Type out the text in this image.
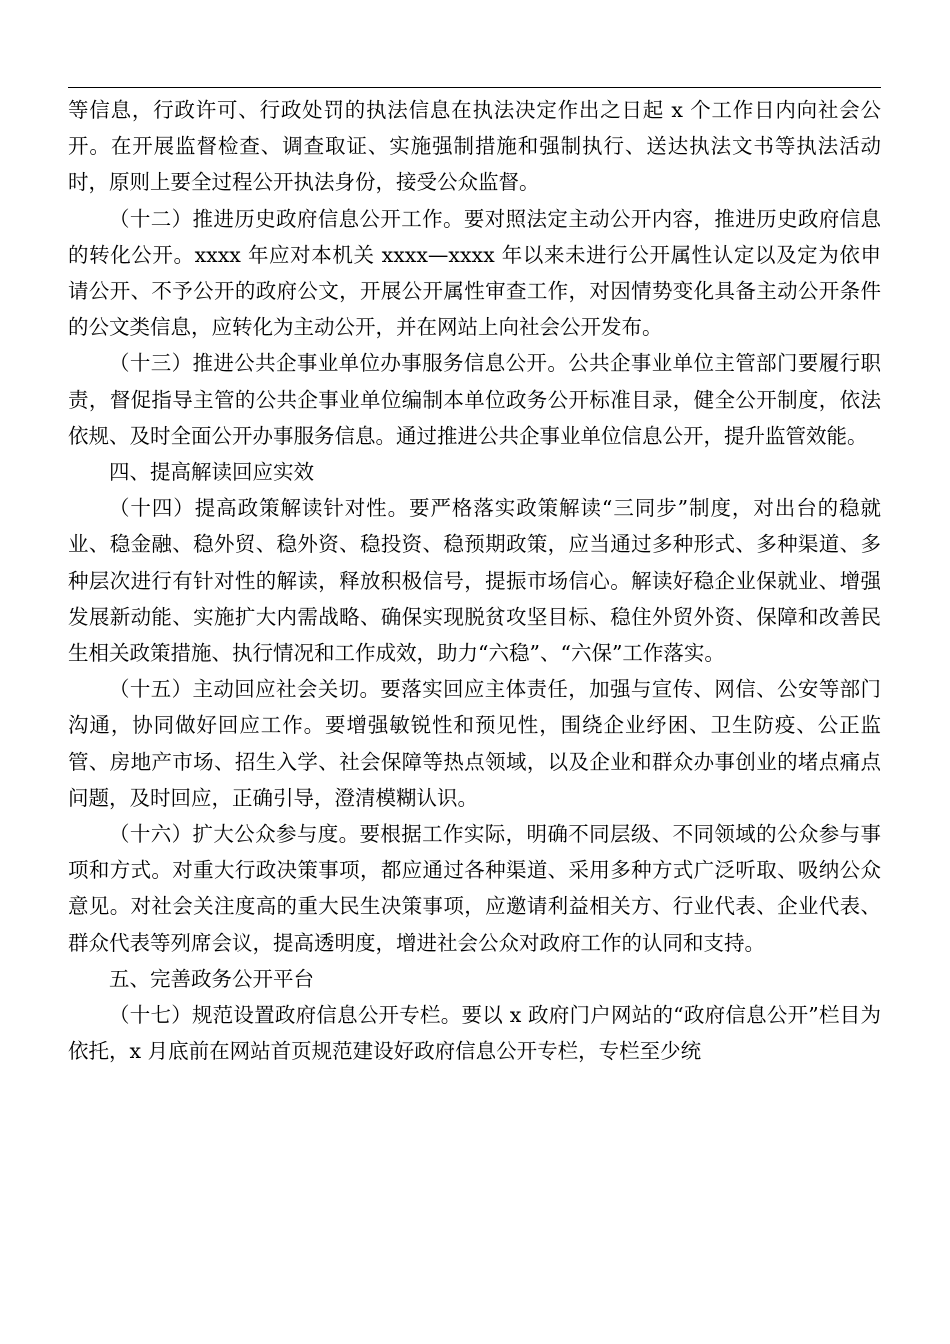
等信息，行政许可、行政处罚的执法信息在执法决定作出之日起 x 个工作日内向社会公开。在开展监督检查、调查取证、实施强制措施和强制执行、送达执法文书等执法活动时，原则上要全过程公开执法身份，接受公众监督。

（十二）推进历史政府信息公开工作。要对照法定主动公开内容，推进历史政府信息的转化公开。xxxx 年应对本机关 xxxx—xxxx 年以来未进行公开属性认定以及定为依申请公开、不予公开的政府公文，开展公开属性审查工作，对因情势变化具备主动公开条件的公文类信息，应转化为主动公开，并在网站上向社会公开发布。

（十三）推进公共企事业单位办事服务信息公开。公共企事业单位主管部门要履行职责，督促指导主管的公共企事业单位编制本单位政务公开标准目录，健全公开制度，依法依规、及时全面公开办事服务信息。通过推进公共企事业单位信息公开，提升监管效能。

四、提高解读回应实效

（十四）提高政策解读针对性。要严格落实政策解读“三同步”制度，对出台的稳就业、稳金融、稳外贸、稳外资、稳投资、稳预期政策，应当通过多种形式、多种渠道、多种层次进行有针对性的解读，释放积极信号，提振市场信心。解读好稳企业保就业、增强发展新动能、实施扩大内需战略、确保实现脱贫攻坚目标、稳住外贸外资、保障和改善民生相关政策措施、执行情况和工作成效，助力“六稳”、“六保”工作落实。

（十五）主动回应社会关切。要落实回应主体责任，加强与宣传、网信、公安等部门沟通，协同做好回应工作。要增强敏锐性和预见性，围绕企业纾困、卫生防疫、公正监管、房地产市场、招生入学、社会保障等热点领域，以及企业和群众办事创业的堵点痛点问题，及时回应，正确引导，澄清模糊认识。

（十六）扩大公众参与度。要根据工作实际，明确不同层级、不同领域的公众参与事项和方式。对重大行政决策事项，都应通过各种渠道、采用多种方式广泛听取、吸纳公众意见。对社会关注度高的重大民生决策事项，应邀请利益相关方、行业代表、企业代表、群众代表等列席会议，提高透明度，增进社会公众对政府工作的认同和支持。

五、完善政务公开平台

（十七）规范设置政府信息公开专栏。要以 x 政府门户网站的“政府信息公开”栏目为依托，x 月底前在网站首页规范建设好政府信息公开专栏，专栏至少统
